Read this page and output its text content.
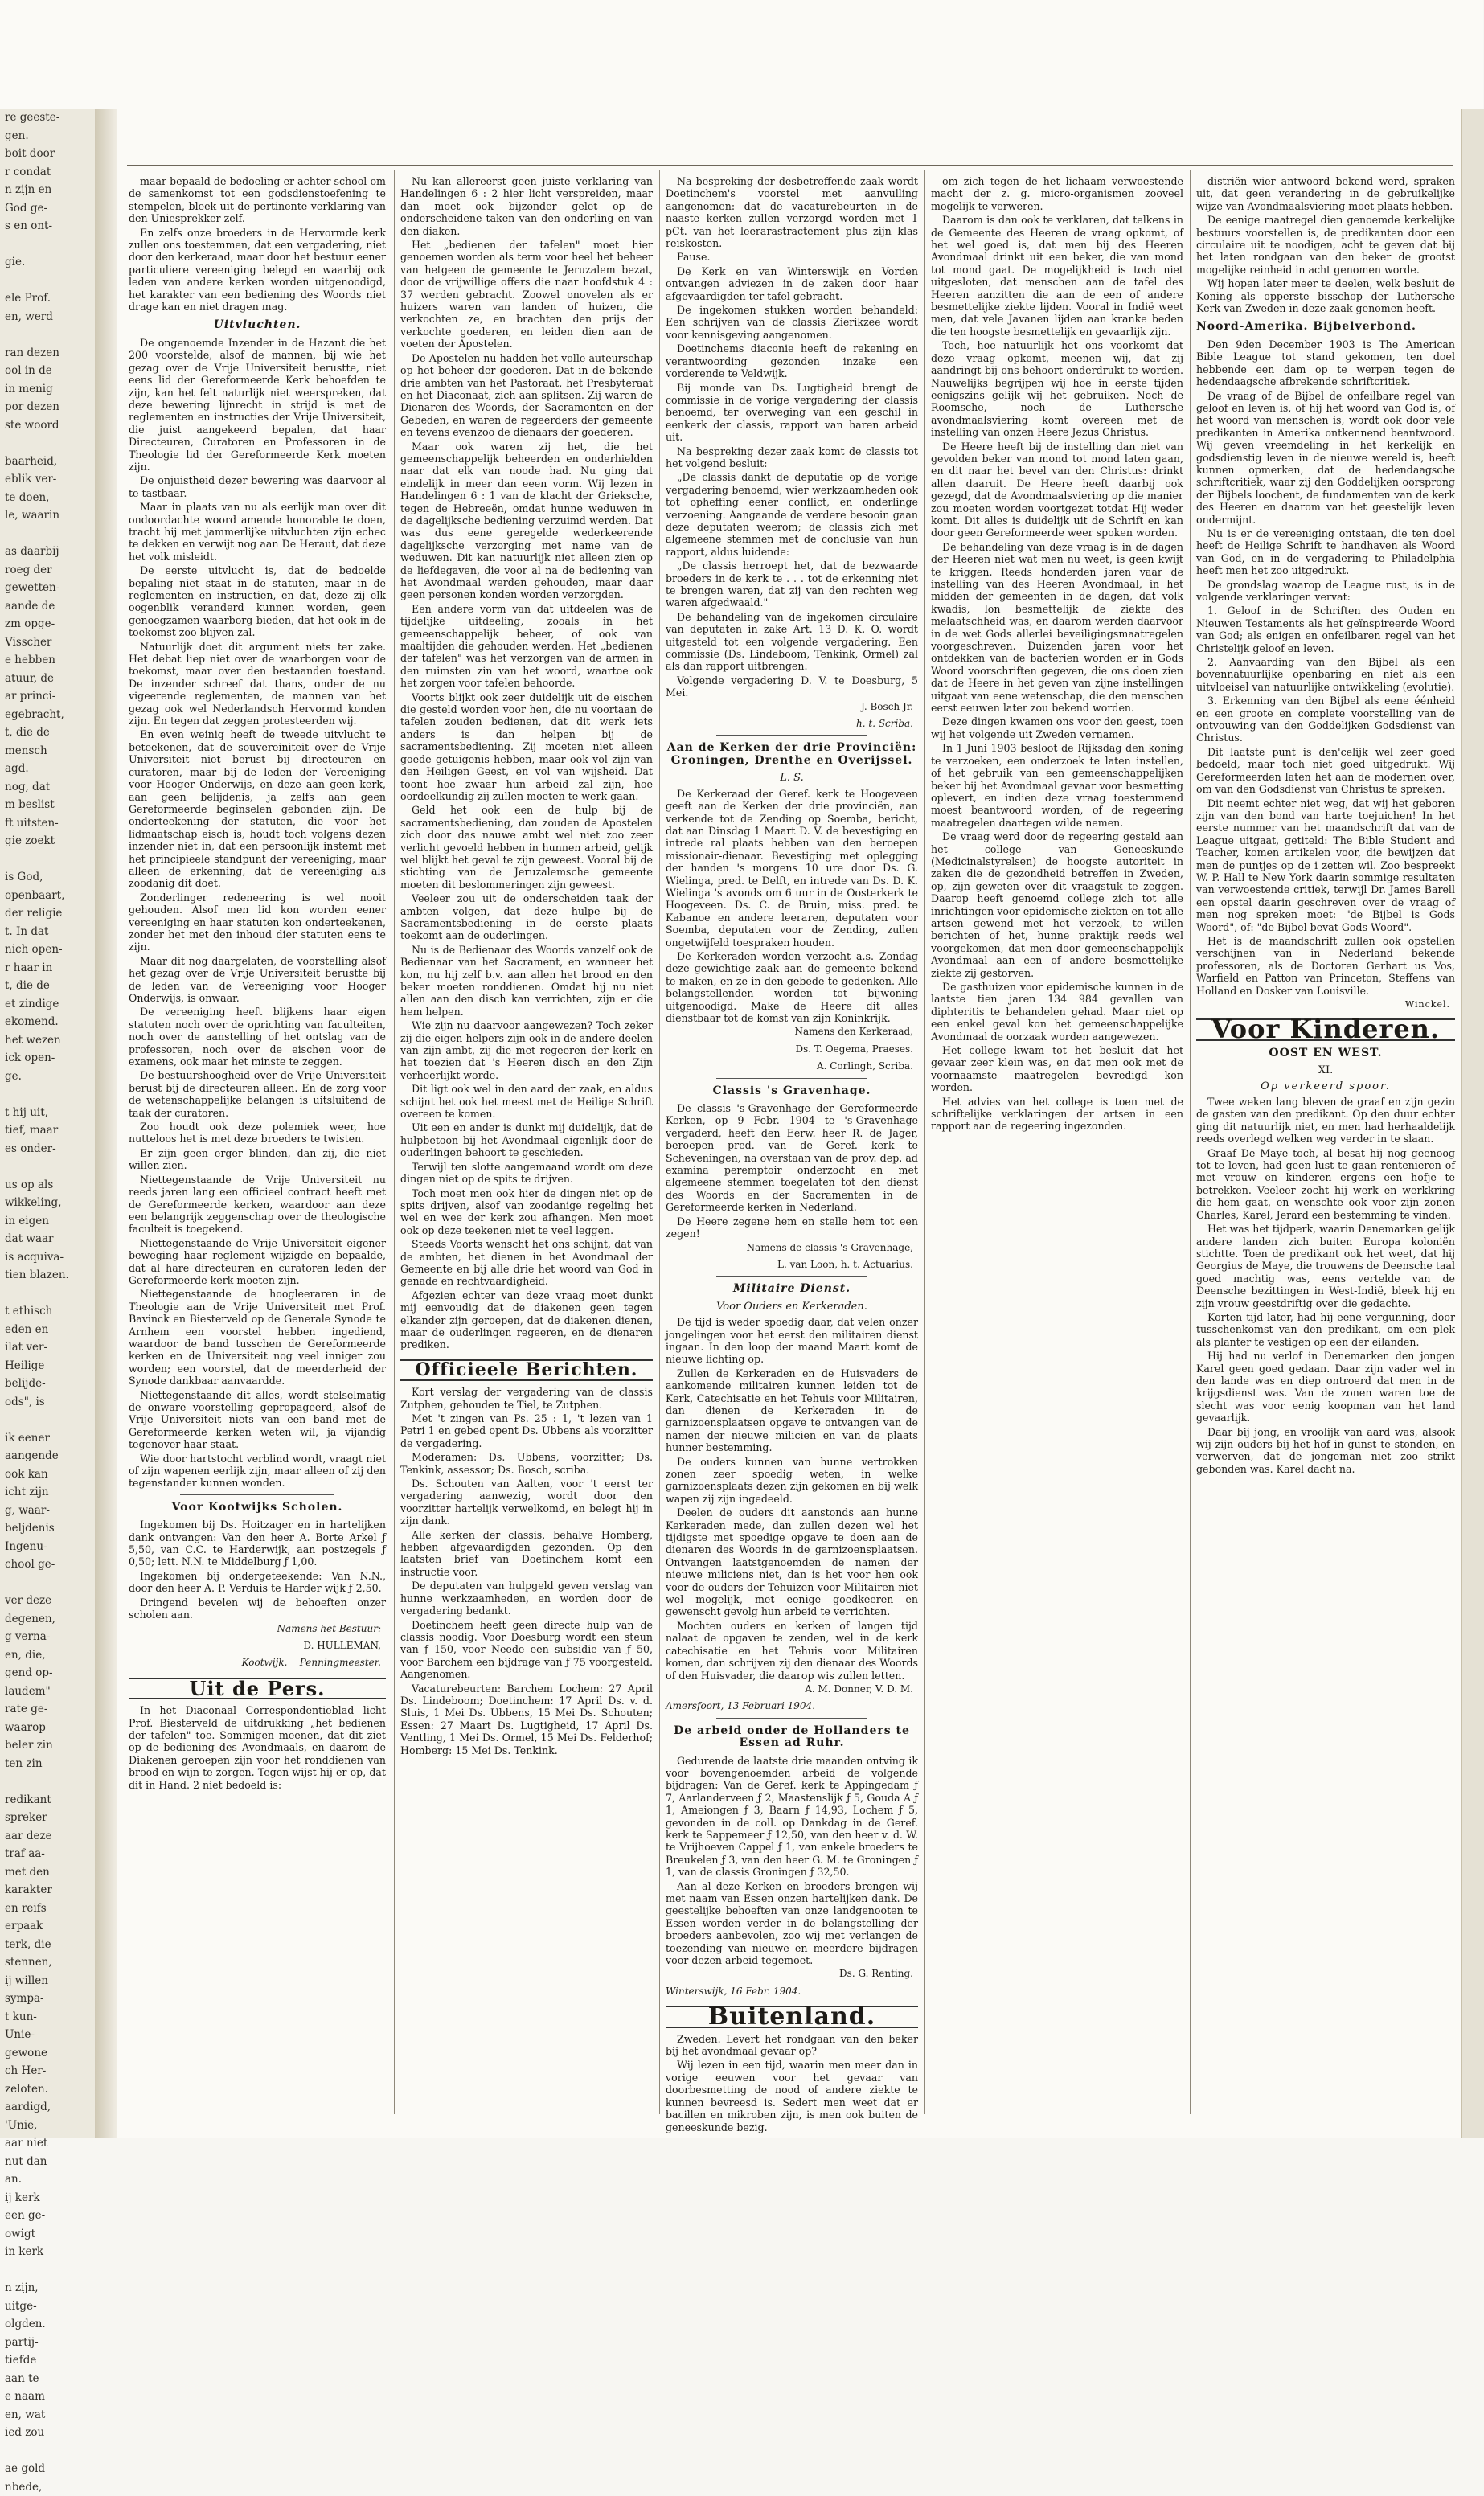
re geeste-

gen.

boit door

r condat

n zijn en

God ge-

s en ont-

gie.

ele Prof.

en, werd

ran dezen

ool in de

in menig

por dezen

ste woord

baarheid,

eblik ver-

te doen,

le, waarin

as daarbij

roeg der

gewetten-

aande de

zm opge-

Visscher

e hebben

atuur, de

ar princi-

egebracht,

t, die de

mensch

agd.

nog, dat

m beslist

ft uitsten-

gie zoekt

is God,

openbaart,

der religie

t. In dat

nich open-

r haar in

t, die de

et zindige

ekomend.

het wezen

ick open-

ge.

t hij uit,

tief, maar

es onder-

us op als

wikkeling,

in eigen

dat waar

is acquiva-

tien blazen.

t ethisch

eden en

ilat ver-

Heilige

belijde-

ods", is

ik eener

aangende

ook kan

icht zijn

g, waar-

beljdenis

Ingenu-

chool ge-

ver deze

degenen,

g verna-

en, die,

gend op-

laudem"

rate ge-

waarop

beler zin

ten zin

redikant

spreker

aar deze

traf aa-

met den

karakter

en reifs

erpaak

terk, die

stennen,

ij willen

sympa-

t kun-

Unie-

gewone

ch Her-

zeloten.

aardigd,

'Unie,

aar niet

nut dan

an.

ij kerk

een ge-

owigt

in kerk

n zijn,

uitge-

olgden.

partij-

tiefde

aan te

e naam

en, wat

ied zou

ae gold

nbede,

maar bepaald de bedoeling er achter school om de samenkomst tot een godsdienstoefening te stempelen, bleek uit de pertinente verklaring van den Uniesprekker zelf.

En zelfs onze broeders in de Hervormde kerk zullen ons toestemmen, dat een vergadering, niet door den kerkeraad, maar door het bestuur eener particuliere vereeniging belegd en waarbij ook leden van andere kerken worden uitgenoodigd, het karakter van een bediening des Woords niet drage kan en niet dragen mag.

Uitvluchten.

De ongenoemde Inzender in de Hazant die het 200 voorstelde, alsof de mannen, bij wie het gezag over de Vrije Universiteit berustte, niet eens lid der Gereformeerde Kerk behoefden te zijn, kan het felt naturlijk niet weerspreken, dat deze bewering lijnrecht in strijd is met de reglementen en instructies der Vrije Universiteit, die juist aangekeerd bepalen, dat haar Directeuren, Curatoren en Professoren in de Theologie lid der Gereformeerde Kerk moeten zijn.

De onjuistheid dezer bewering was daarvoor al te tastbaar.

Maar in plaats van nu als eerlijk man over dit ondoordachte woord amende honorable te doen, tracht hij met jammerlijke uitvluchten zijn echec te dekken en verwijt nog aan De Heraut, dat deze het volk misleidt.

De eerste uitvlucht is, dat de bedoelde bepaling niet staat in de statuten, maar in de reglementen en instructien, en dat, deze zij elk oogenblik veranderd kunnen worden, geen genoegzamen waarborg bieden, dat het ook in de toekomst zoo blijven zal.

Natuurlijk doet dit argument niets ter zake. Het debat liep niet over de waarborgen voor de toekomst, maar over den bestaanden toestand. De inzender schreef dat thans, onder de nu vigeerende reglementen, de mannen van het gezag ook wel Nederlandsch Hervormd konden zijn. En tegen dat zeggen protesteerden wij.

En even weinig heeft de tweede uitvlucht te beteekenen, dat de souvereiniteit over de Vrije Universiteit niet berust bij directeuren en curatoren, maar bij de leden der Vereeniging voor Hooger Onderwijs, en deze aan geen kerk, aan geen belijdenis, ja zelfs aan geen Gereformeerde beginselen gebonden zijn. De onderteekening der statuten, die voor het lidmaatschap eisch is, houdt toch volgens dezen inzender niet in, dat een persoonlijk instemt met het principieele standpunt der vereeniging, maar alleen de erkenning, dat de vereeniging als zoodanig dit doet.

Zonderlinger redeneering is wel nooit gehouden. Alsof men lid kon worden eener vereeniging en haar statuten kon onderteekenen, zonder het met den inhoud dier statuten eens te zijn.

Maar dit nog daargelaten, de voorstelling alsof het gezag over de Vrije Universiteit berustte bij de leden van de Vereeniging voor Hooger Onderwijs, is onwaar.

De vereeniging heeft blijkens haar eigen statuten noch over de oprichting van faculteiten, noch over de aanstelling of het ontslag van de professoren, noch over de eischen voor de examens, ook maar het minste te zeggen.

De bestuurshoogheid over de Vrije Universiteit berust bij de directeuren alleen. En de zorg voor de wetenschappelijke belangen is uitsluitend de taak der curatoren.

Zoo houdt ook deze polemiek weer, hoe nutteloos het is met deze broeders te twisten.

Er zijn geen erger blinden, dan zij, die niet willen zien.

Niettegenstaande de Vrije Universiteit nu reeds jaren lang een officieel contract heeft met de Gereformeerde kerken, waardoor aan deze een belangrijk zeggenschap over de theologische faculteit is toegekend.

Niettegenstaande de Vrije Universiteit eigener beweging haar reglement wijzigde en bepaalde, dat al hare directeuren en curatoren leden der Gereformeerde kerk moeten zijn.

Niettegenstaande de hoogleeraren in de Theologie aan de Vrije Universiteit met Prof. Bavinck en Biesterveld op de Generale Synode te Arnhem een voorstel hebben ingediend, waardoor de band tusschen de Gereformeerde kerken en de Universiteit nog veel inniger zou worden; een voorstel, dat de meerderheid der Synode dankbaar aanvaardde.

Niettegenstaande dit alles, wordt stelselmatig de onware voorstelling gepropageerd, alsof de Vrije Universiteit niets van een band met de Gereformeerde kerken weten wil, ja vijandig tegenover haar staat.

Wie door hartstocht verblind wordt, vraagt niet of zijn wapenen eerlijk zijn, maar alleen of zij den tegenstander kunnen wonden.

Voor Kootwijks Scholen.

Ingekomen bij Ds. Hoitzager en in hartelijken dank ontvangen: Van den heer A. Borte Arkel ƒ 5,50, van C.C. te Harderwijk, aan postzegels ƒ 0,50; lett. N.N. te Middelburg ƒ 1,00.

Ingekomen bij ondergeteekende: Van N.N., door den heer A. P. Verduis te Harder wijk ƒ 2,50.

Dringend bevelen wij de behoeften onzer scholen aan.

Namens het Bestuur:
D. HULLEMAN,
Kootwijk. Penningmeester.
Uit de Pers.

In het Diaconaal Correspondentieblad licht Prof. Biesterveld de uitdrukking „het bedienen der tafelen" toe. Sommigen meenen, dat dit ziet op de bediening des Avondmaals, en daarom de Diakenen geroepen zijn voor het ronddienen van brood en wijn te zorgen. Tegen wijst hij er op, dat dit in Hand. 2 niet bedoeld is:

Nu kan allereerst geen juiste verklaring van Handelingen 6 : 2 hier licht verspreiden, maar dan moet ook bijzonder gelet op de onderscheidene taken van den onderling en van den diaken.

Het „bedienen der tafelen" moet hier genoemen worden als term voor heel het beheer van hetgeen de gemeente te Jeruzalem bezat, door de vrijwillige offers die naar hoofdstuk 4 : 37 werden gebracht. Zoowel onovelen als er huizers waren van landen of huizen, die verkochten ze, en brachten den prijs der verkochte goederen, en leiden dien aan de voeten der Apostelen.

De Apostelen nu hadden het volle auteurschap op het beheer der goederen. Dat in de bekende drie ambten van het Pastoraat, het Presbyteraat en het Diaconaat, zich aan splitsen. Zij waren de Dienaren des Woords, der Sacramenten en der Gebeden, en waren de regeerders der gemeente en tevens evenzoo de dienaars der goederen.

Maar ook waren zij het, die het gemeenschappelijk beheerden en onderhielden naar dat elk van noode had. Nu ging dat eindelijk in meer dan eeen vorm. Wij lezen in Handelingen 6 : 1 van de klacht der Grieksche, tegen de Hebreeën, omdat hunne weduwen in de dagelijksche bediening verzuimd werden. Dat was dus eene geregelde wederkeerende dagelijksche verzorging met name van de weduwen. Dit kan natuurlijk niet alleen zien op de liefdegaven, die voor al na de bediening van het Avondmaal werden gehouden, maar daar geen personen konden worden verzorgden.

Een andere vorm van dat uitdeelen was de tijdelijke uitdeeling, zooals in het gemeenschappelijk beheer, of ook van maaltijden die gehouden werden. Het „bedienen der tafelen" was het verzorgen van de armen in den ruimsten zin van het woord, waartoe ook het zorgen voor tafelen behoorde.

Voorts blijkt ook zeer duidelijk uit de eischen die gesteld worden voor hen, die nu voortaan de tafelen zouden bedienen, dat dit werk iets anders is dan helpen bij de sacramentsbediening. Zij moeten niet alleen goede getuigenis hebben, maar ook vol zijn van den Heiligen Geest, en vol van wijsheid. Dat toont hoe zwaar hun arbeid zal zijn, hoe oordeelkundig zij zullen moeten te werk gaan.

Geld het ook een de hulp bij de sacramentsbediening, dan zouden de Apostelen zich door das nauwe ambt wel niet zoo zeer verlicht gevoeld hebben in hunnen arbeid, gelijk wel blijkt het geval te zijn geweest. Vooral bij de stichting van de Jeruzalemsche gemeente moeten dit beslommeringen zijn geweest.

Veeleer zou uit de onderscheiden taak der ambten volgen, dat deze hulpe bij de Sacramentsbediening in de eerste plaats toekomt aan de ouderlingen.

Nu is de Bedienaar des Woords vanzelf ook de Bedienaar van het Sacrament, en wanneer het kon, nu hij zelf b.v. aan allen het brood en den beker moeten ronddienen. Omdat hij nu niet allen aan den disch kan verrichten, zijn er die hem helpen.

Wie zijn nu daarvoor aangewezen? Toch zeker zij die eigen helpers zijn ook in de andere deelen van zijn ambt, zij die met regeeren der kerk en het toezien dat 's Heeren disch en den Zijn verheerlijkt worde.

Dit ligt ook wel in den aard der zaak, en aldus schijnt het ook het meest met de Heilige Schrift overeen te komen.

Uit een en ander is dunkt mij duidelijk, dat de hulpbetoon bij het Avondmaal eigenlijk door de ouderlingen behoort te geschieden.

Terwijl ten slotte aangemaand wordt om deze dingen niet op de spits te drijven.

Toch moet men ook hier de dingen niet op de spits drijven, alsof van zoodanige regeling het wel en wee der kerk zou afhangen. Men moet ook op deze teekenen niet te veel leggen.

Steeds Voorts wenscht het ons schijnt, dat van de ambten, het dienen in het Avondmaal der Gemeente en bij alle drie het woord van God in genade en rechtvaardigheid.

Afgezien echter van deze vraag moet dunkt mij eenvoudig dat de diakenen geen tegen elkander zijn geroepen, dat de diakenen dienen, maar de ouderlingen regeeren, en de dienaren prediken.

Officieele Berichten.

Kort verslag der vergadering van de classis Zutphen, gehouden te Tiel, te Zutphen.

Met 't zingen van Ps. 25 : 1, 't lezen van 1 Petri 1 en gebed opent Ds. Ubbens als voorzitter de vergadering.

Moderamen: Ds. Ubbens, voorzitter; Ds. Tenkink, assessor; Ds. Bosch, scriba.

Ds. Schouten van Aalten, voor 't eerst ter vergadering aanwezig, wordt door den voorzitter hartelijk verwelkomd, en belegt hij in zijn dank.

Alle kerken der classis, behalve Homberg, hebben afgevaardigden gezonden. Op den laatsten brief van Doetinchem komt een instructie voor.

De deputaten van hulpgeld geven verslag van hunne werkzaamheden, en worden door de vergadering bedankt.

Doetinchem heeft geen directe hulp van de classis noodig. Voor Doesburg wordt een steun van ƒ 150, voor Neede een subsidie van ƒ 50, voor Barchem een bijdrage van ƒ 75 voorgesteld. Aangenomen.

Vacaturebeurten: Barchem Lochem: 27 April Ds. Lindeboom; Doetinchem: 17 April Ds. v. d. Sluis, 1 Mei Ds. Ubbens, 15 Mei Ds. Schouten; Essen: 27 Maart Ds. Lugtigheid, 17 April Ds. Ventling, 1 Mei Ds. Ormel, 15 Mei Ds. Felderhof; Homberg: 15 Mei Ds. Tenkink.

Na bespreking der desbetreffende zaak wordt Doetinchem's voorstel met aanvulling aangenomen: dat de vacaturebeurten in de naaste kerken zullen verzorgd worden met 1 pCt. van het leerarastractement plus zijn klas reiskosten.

Pause.

De Kerk en van Winterswijk en Vorden ontvangen adviezen in de zaken door haar afgevaardigden ter tafel gebracht.

De ingekomen stukken worden behandeld: Een schrijven van de classis Zierikzee wordt voor kennisgeving aangenomen.

Doetinchems diaconie heeft de rekening en verantwoording gezonden inzake een vorderende te Veldwijk.

Bij monde van Ds. Lugtigheid brengt de commissie in de vorige vergadering der classis benoemd, ter overweging van een geschil in eenkerk der classis, rapport van haren arbeid uit.

Na bespreking dezer zaak komt de classis tot het volgend besluit:

„De classis dankt de deputatie op de vorige vergadering benoemd, wier werkzaamheden ook tot opheffing eener conflict, en onderlinge verzoening. Aangaande de verdere besooin gaan deze deputaten weerom; de classis zich met algemeene stemmen met de conclusie van hun rapport, aldus luidende:

„De classis herroept het, dat de bezwaarde broeders in de kerk te . . . tot de erkenning niet te brengen waren, dat zij van den rechten weg waren afgedwaald."

De behandeling van de ingekomen circulaire van deputaten in zake Art. 13 D. K. O. wordt uitgesteld tot een volgende vergadering. Een commissie (Ds. Lindeboom, Tenkink, Ormel) zal als dan rapport uitbrengen.

Volgende vergadering D. V. te Doesburg, 5 Mei.

J. Bosch Jr.
h. t. Scriba.
Aan de Kerken der drie Provinciën: Groningen, Drenthe en Overijssel.
L. S.

De Kerkeraad der Geref. kerk te Hoogeveen geeft aan de Kerken der drie provinciën, aan verkende tot de Zending op Soemba, bericht, dat aan Dinsdag 1 Maart D. V. de bevestiging en intrede ral plaats hebben van den beroepen missionair-dienaar. Bevestiging met oplegging der handen 's morgens 10 ure door Ds. G. Wielinga, pred. te Delft, en intrede van Ds. D. K. Wielinga 's avonds om 6 uur in de Oosterkerk te Hoogeveen. Ds. C. de Bruin, miss. pred. te Kabanoe en andere leeraren, deputaten voor Soemba, deputaten voor de Zending, zullen ongetwijfeld toespraken houden.

De Kerkeraden worden verzocht a.s. Zondag deze gewichtige zaak aan de gemeente bekend te maken, en ze in den gebede te gedenken. Alle belangstellenden worden tot bijwoning uitgenoodigd. Make de Heere dit alles dienstbaar tot de komst van zijn Koninkrijk.

Namens den Kerkeraad,
Ds. T. Oegema, Praeses.
A. Corlingh, Scriba.
Classis 's Gravenhage.

De classis 's-Gravenhage der Gereformeerde Kerken, op 9 Febr. 1904 te 's-Gravenhage vergaderd, heeft den Eerw. heer R. de Jager, beroepen pred. van de Geref. kerk te Scheveningen, na overstaan van de prov. dep. ad examina peremptoir onderzocht en met algemeene stemmen toegelaten tot den dienst des Woords en der Sacramenten in de Gereformeerde kerken in Nederland.

De Heere zegene hem en stelle hem tot een zegen!

Namens de classis 's-Gravenhage,
L. van Loon, h. t. Actuarius.
Militaire Dienst.
Voor Ouders en Kerkeraden.

De tijd is weder spoedig daar, dat velen onzer jongelingen voor het eerst den militairen dienst ingaan. In den loop der maand Maart komt de nieuwe lichting op.

Zullen de Kerkeraden en de Huisvaders de aankomende militairen kunnen leiden tot de Kerk, Catechisatie en het Tehuis voor Militairen, dan dienen de Kerkeraden in de garnizoensplaatsen opgave te ontvangen van de namen der nieuwe milicien en van de plaats hunner bestemming.

De ouders kunnen van hunne vertrokken zonen zeer spoedig weten, in welke garnizoensplaats dezen zijn gekomen en bij welk wapen zij zijn ingedeeld.

Deelen de ouders dit aanstonds aan hunne Kerkeraden mede, dan zullen dezen wel het tijdigste met spoedige opgave te doen aan de dienaren des Woords in de garnizoensplaatsen. Ontvangen laatstgenoemden de namen der nieuwe miliciens niet, dan is het voor hen ook voor de ouders der Tehuizen voor Militairen niet wel mogelijk, met eenige goedkeeren en gewenscht gevolg hun arbeid te verrichten.

Mochten ouders en kerken of langen tijd nalaat de opgaven te zenden, wel in de kerk catechisatie en het Tehuis voor Militairen komen, dan schrijven zij den dienaar des Woords of den Huisvader, die daarop wis zullen letten.

A. M. Donner, V. D. M.
Amersfoort, 13 Februari 1904.
De arbeid onder de Hollanders te Essen ad Ruhr.

Gedurende de laatste drie maanden ontving ik voor bovengenoemden arbeid de volgende bijdragen: Van de Geref. kerk te Appingedam ƒ 7, Aarlanderveen ƒ 2, Maastenslijk ƒ 5, Gouda A ƒ 1, Ameiongen ƒ 3, Baarn ƒ 14,93, Lochem ƒ 5, gevonden in de coll. op Dankdag in de Geref. kerk te Sappemeer ƒ 12,50, van den heer v. d. W. te Vrijhoeven Cappel ƒ 1, van enkele broeders te Breukelen ƒ 3, van den heer G. M. te Groningen ƒ 1, van de classis Groningen ƒ 32,50.

Aan al deze Kerken en broeders brengen wij met naam van Essen onzen hartelijken dank. De geestelijke behoeften van onze landgenooten te Essen worden verder in de belangstelling der broeders aanbevolen, zoo wij met verlangen de toezending van nieuwe en meerdere bijdragen voor dezen arbeid tegemoet.

Ds. G. Renting.
Winterswijk, 16 Febr. 1904.
Buitenland.

Zweden. Levert het rondgaan van den beker bij het avondmaal gevaar op?

Wij lezen in een tijd, waarin men meer dan in vorige eeuwen voor het gevaar van doorbesmetting de nood of andere ziekte te kunnen bevreesd is. Sedert men weet dat er bacillen en mikroben zijn, is men ook buiten de geneeskunde bezig.

om zich tegen de het lichaam verwoestende macht der z. g. micro-organismen zooveel mogelijk te verweren.

Daarom is dan ook te verklaren, dat telkens in de Gemeente des Heeren de vraag opkomt, of het wel goed is, dat men bij des Heeren Avondmaal drinkt uit een beker, die van mond tot mond gaat. De mogelijkheid is toch niet uitgesloten, dat menschen aan de tafel des Heeren aanzitten die aan de een of andere besmettelijke ziekte lijden. Vooral in Indië weet men, dat vele Javanen lijden aan kranke beden die ten hoogste besmettelijk en gevaarlijk zijn.

Toch, hoe natuurlijk het ons voorkomt dat deze vraag opkomt, meenen wij, dat zij aandringt bij ons behoort onderdrukt te worden. Nauwelijks begrijpen wij hoe in eerste tijden eenigszins gelijk wij het gebruiken. Noch de Roomsche, noch de Luthersche avondmaalsviering komt overeen met de instelling van onzen Heere Jezus Christus.

De Heere heeft bij de instelling dan niet van gevolden beker van mond tot mond laten gaan, en dit naar het bevel van den Christus: drinkt allen daaruit. De Heere heeft daarbij ook gezegd, dat de Avondmaalsviering op die manier zou moeten worden voortgezet totdat Hij weder komt. Dit alles is duidelijk uit de Schrift en kan door geen Gereformeerde weer spoken worden.

De behandeling van deze vraag is in de dagen der Heeren niet wat men nu weet, is geen kwijt te kriggen. Reeds honderden jaren vaar de instelling van des Heeren Avondmaal, in het midden der gemeenten in de dagen, dat volk kwadis, lon besmettelijk de ziekte des melaatschheid was, en daarom werden daarvoor in de wet Gods allerlei beveiligingsmaatregelen voorgeschreven. Duizenden jaren voor het ontdekken van de bacterien worden er in Gods Woord voorschriften gegeven, die ons doen zien dat de Heere in het geven van zijne instellingen uitgaat van eene wetenschap, die den menschen eerst eeuwen later zou bekend worden.

Deze dingen kwamen ons voor den geest, toen wij het volgende uit Zweden vernamen.

In 1 Juni 1903 besloot de Rijksdag den koning te verzoeken, een onderzoek te laten instellen, of het gebruik van een gemeenschappelijken beker bij het Avondmaal gevaar voor besmetting oplevert, en indien deze vraag toestemmend moest beantwoord worden, of de regeering maatregelen daartegen wilde nemen.

De vraag werd door de regeering gesteld aan het college van Geneeskunde (Medicinalstyrelsen) de hoogste autoriteit in zaken die de gezondheid betreffen in Zweden, op, zijn geweten over dit vraagstuk te zeggen. Daarop heeft genoemd college zich tot alle inrichtingen voor epidemische ziekten en tot alle artsen gewend met het verzoek, te willen berichten of het, hunne praktijk reeds wel voorgekomen, dat men door gemeenschappelijk Avondmaal aan een of andere besmettelijke ziekte zij gestorven.

De gasthuizen voor epidemische kunnen in de laatste tien jaren 134 984 gevallen van diphteritis te behandelen gehad. Maar niet op een enkel geval kon het gemeenschappelijke Avondmaal de oorzaak worden aangewezen.

Het college kwam tot het besluit dat het gevaar zeer klein was, en dat men ook met de voornaamste maatregelen bevredigd kon worden.

Het advies van het college is toen met de schriftelijke verklaringen der artsen in een rapport aan de regeering ingezonden.

distriën wier antwoord bekend werd, spraken uit, dat geen verandering in de gebruikelijke wijze van Avondmaalsviering moet plaats hebben.

De eenige maatregel dien genoemde kerkelijke bestuurs voorstellen is, de predikanten door een circulaire uit te noodigen, acht te geven dat bij het laten rondgaan van den beker de grootst mogelijke reinheid in acht genomen worde.

Wij hopen later meer te deelen, welk besluit de Koning als opperste bisschop der Luthersche Kerk van Zweden in deze zaak genomen heeft.

Noord-Amerika. Bijbelverbond.

Den 9den December 1903 is The American Bible League tot stand gekomen, ten doel hebbende een dam op te werpen tegen de hedendaagsche afbrekende schriftcritiek.

De vraag of de Bijbel de onfeilbare regel van geloof en leven is, of hij het woord van God is, of het woord van menschen is, wordt ook door vele predikanten in Amerika ontkennend beantwoord. Wij geven vreemdeling in het kerkelijk en godsdienstig leven in de nieuwe wereld is, heeft kunnen opmerken, dat de hedendaagsche schriftcritiek, waar zij den Goddelijken oorsprong der Bijbels loochent, de fundamenten van de kerk des Heeren en daarom van het geestelijk leven ondermijnt.

Nu is er de vereeniging ontstaan, die ten doel heeft de Heilige Schrift te handhaven als Woord van God, en in de vergadering te Philadelphia heeft men het zoo uitgedrukt.

De grondslag waarop de League rust, is in de volgende verklaringen vervat:

1. Geloof in de Schriften des Ouden en Nieuwen Testaments als het geïnspireerde Woord van God; als enigen en onfeilbaren regel van het Christelijk geloof en leven.

2. Aanvaarding van den Bijbel als een bovennatuurlijke openbaring en niet als een uitvloeisel van natuurlijke ontwikkeling (evolutie).

3. Erkenning van den Bijbel als eene éénheid en een groote en complete voorstelling van de ontvouwing van den Goddelijken Godsdienst van Christus.

Dit laatste punt is den'celijk wel zeer goed bedoeld, maar toch niet goed uitgedrukt. Wij Gereformeerden laten het aan de modernen over, om van den Godsdienst van Christus te spreken.

Dit neemt echter niet weg, dat wij het geboren zijn van den bond van harte toejuichen! In het eerste nummer van het maandschrift dat van de League uitgaat, getiteld: The Bible Student and Teacher, komen artikelen voor, die bewijzen dat men de puntjes op de i zetten wil. Zoo bespreekt W. P. Hall te New York daarin sommige resultaten van verwoestende critiek, terwijl Dr. James Barell een opstel daarin geschreven over de vraag of men nog spreken moet: "de Bijbel is Gods Woord", of: "de Bijbel bevat Gods Woord".

Het is de maandschrift zullen ook opstellen verschijnen van in Nederland bekende professoren, als de Doctoren Gerhart us Vos, Warfield en Patton van Princeton, Steffens van Holland en Dosker van Louisville.

Winckel.
Voor Kinderen.
OOST EN WEST.
XI.
Op verkeerd spoor.

Twee weken lang bleven de graaf en zijn gezin de gasten van den predikant. Op den duur echter ging dit natuurlijk niet, en men had herhaaldelijk reeds overlegd welken weg verder in te slaan.

Graaf De Maye toch, al besat hij nog geenoog tot te leven, had geen lust te gaan rentenieren of met vrouw en kinderen ergens een hofje te betrekken. Veeleer zocht hij werk en werkkring die hem gaat, en wenschte ook voor zijn zonen Charles, Karel, Jerard een bestemming te vinden.

Het was het tijdperk, waarin Denemarken gelijk andere landen zich buiten Europa koloniën stichtte. Toen de predikant ook het weet, dat hij Georgius de Maye, die trouwens de Deensche taal goed machtig was, eens vertelde van de Deensche bezittingen in West-Indië, bleek hij en zijn vrouw geestdriftig over die gedachte.

Korten tijd later, had hij eene vergunning, door tusschenkomst van den predikant, om een plek als planter te vestigen op een der eilanden.

Hij had nu verlof in Denemarken den jongen Karel geen goed gedaan. Daar zijn vader wel in den lande was en diep ontroerd dat men in de krijgsdienst was. Van de zonen waren toe de slecht was voor eenig koopman van het land gevaarlijk.

Daar bij jong, en vroolijk van aard was, alsook wij zijn ouders bij het hof in gunst te stonden, en verwerven, dat de jongeman niet zoo strikt gebonden was. Karel dacht na.
